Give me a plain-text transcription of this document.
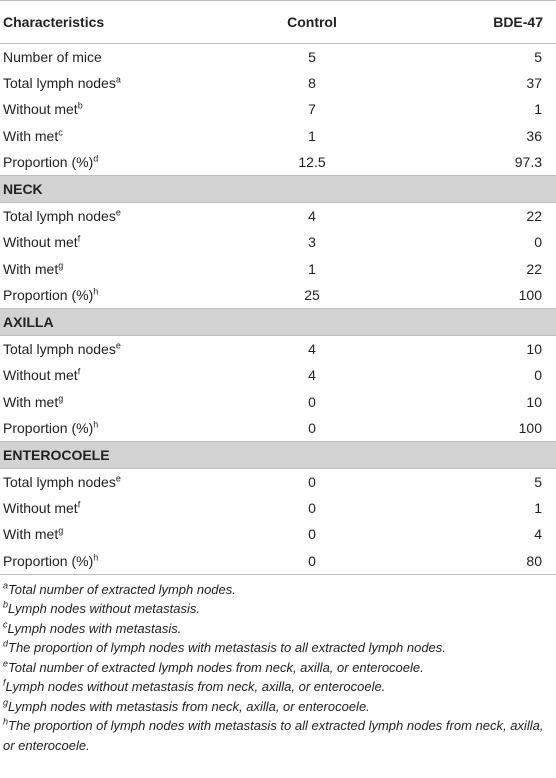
Characteristics	Control	BDE-47
Number of mice	5	5
Total lymph nodes$^a$	8	37
Without met$^b$	7	1
With met$^c$	1	36
Proportion (%)$^d$	12.5	97.3
NECK		
Total lymph nodes$^e$	4	22
Without met$^f$	3	0
With met$^g$	1	22
Proportion (%)$^h$	25	100
AXILLA		
Total lymph nodes$^e$	4	10
Without met$^f$	4	0
With met$^g$	0	10
Proportion (%)$^h$	0	100
ENTEROCOELE		
Total lymph nodes$^e$	0	5
Without met$^f$	0	1
With met$^g$	0	4
Proportion (%)$^h$	0	80
$^a$Total number of extracted lymph nodes.
$^b$Lymph nodes without metastasis.
$^c$Lymph nodes with metastasis.
$^d$The proportion of lymph nodes with metastasis to all extracted lymph nodes.
$^e$Total number of extracted lymph nodes from neck, axilla, or enterocoele.
$^f$Lymph nodes without metastasis from neck, axilla, or enterocoele.
$^g$Lymph nodes with metastasis from neck, axilla, or enterocoele.
$^h$The proportion of lymph nodes with metastasis to all extracted lymph nodes from neck, axilla, or enterocoele.
